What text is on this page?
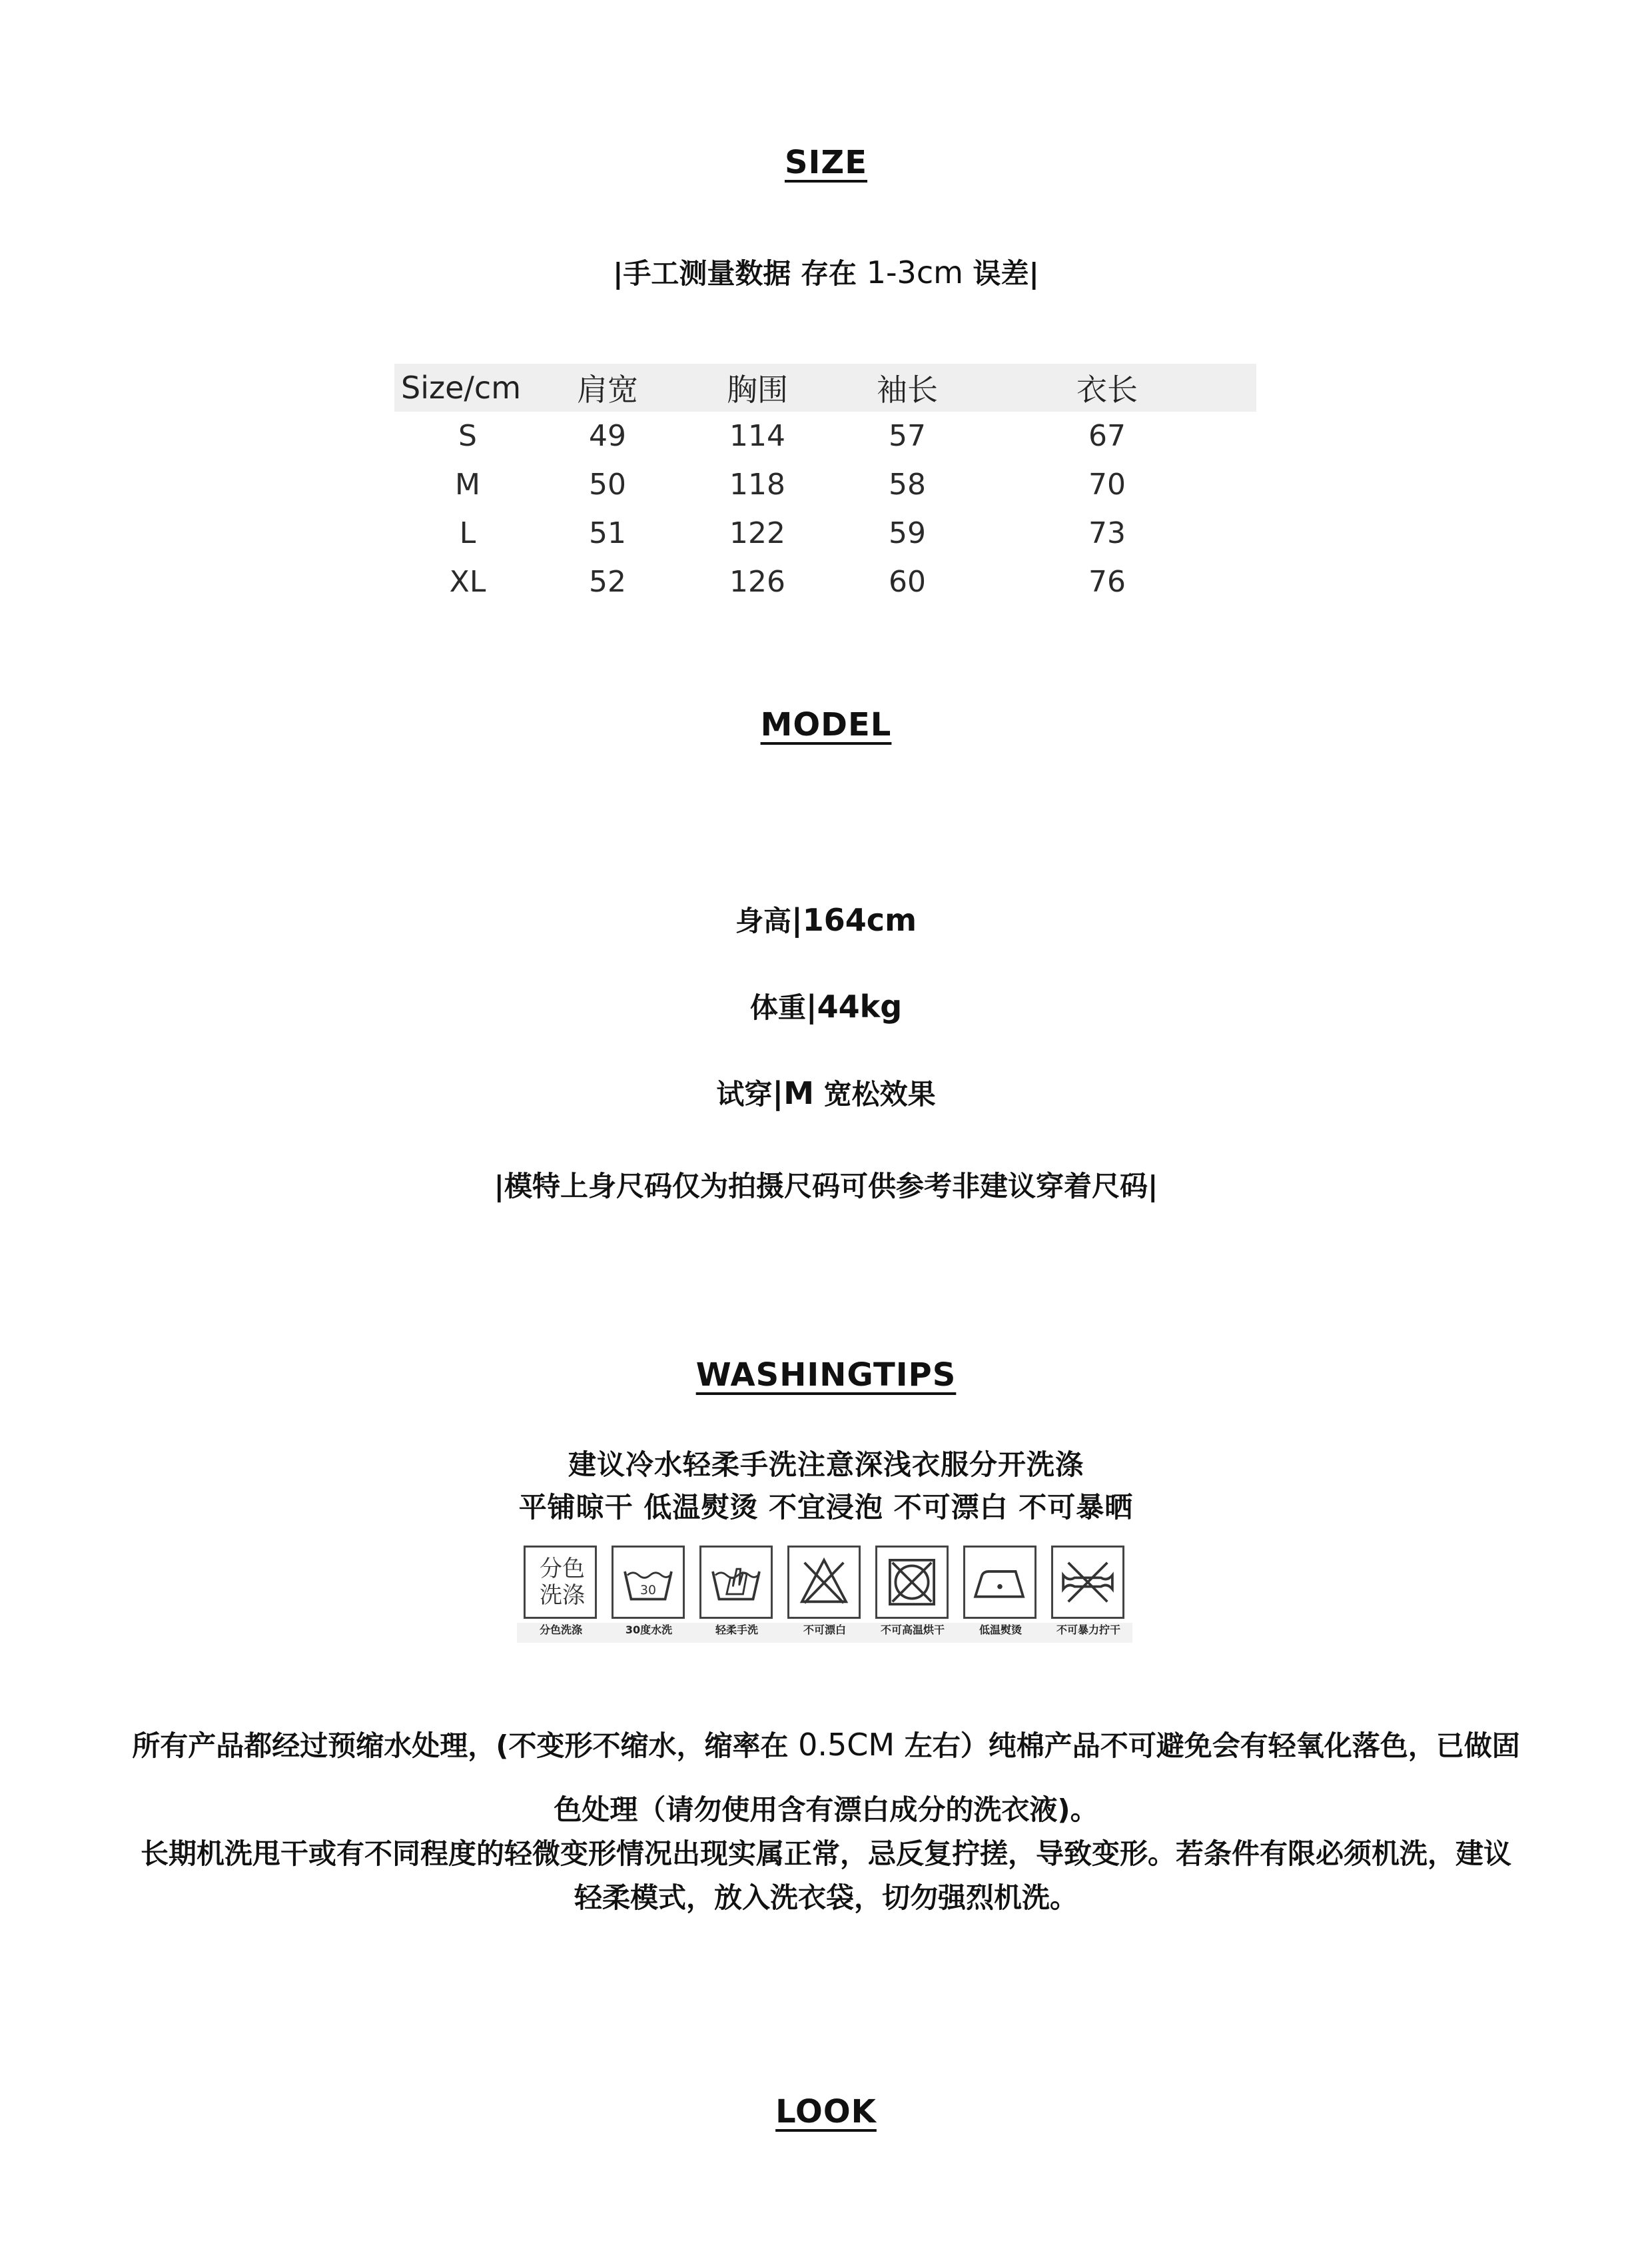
SIZE
|手工测量数据 存在 1-3cm 误差|
Size/cm	肩宽	胸围	袖长	衣长
S	49	114	57	67
M	50	118	58	70
L	51	122	59	73
XL	52	126	60	76
MODEL
身高|164cm
体重|44kg
试穿|M 宽松效果
|模特上身尺码仅为拍摄尺码可供参考非建议穿着尺码|
WASHINGTIPS
建议冷水轻柔手洗注意深浅衣服分开洗涤
平铺晾干 低温熨烫 不宜浸泡 不可漂白 不可暴晒
分色
洗涤
分色洗涤
30
30度水洗	轻柔手洗	不可漂白	不可高温烘干	低温熨烫	不可暴力拧干
所有产品都经过预缩水处理，(不变形不缩水，缩率在 0.5CM 左右）纯棉产品不可避免会有轻氧化落色，已做固
色处理（请勿使用含有漂白成分的洗衣液)。
长期机洗甩干或有不同程度的轻微变形情况出现实属正常，忌反复拧搓，导致变形。若条件有限必须机洗，建议
轻柔模式，放入洗衣袋，切勿强烈机洗。
LOOK
